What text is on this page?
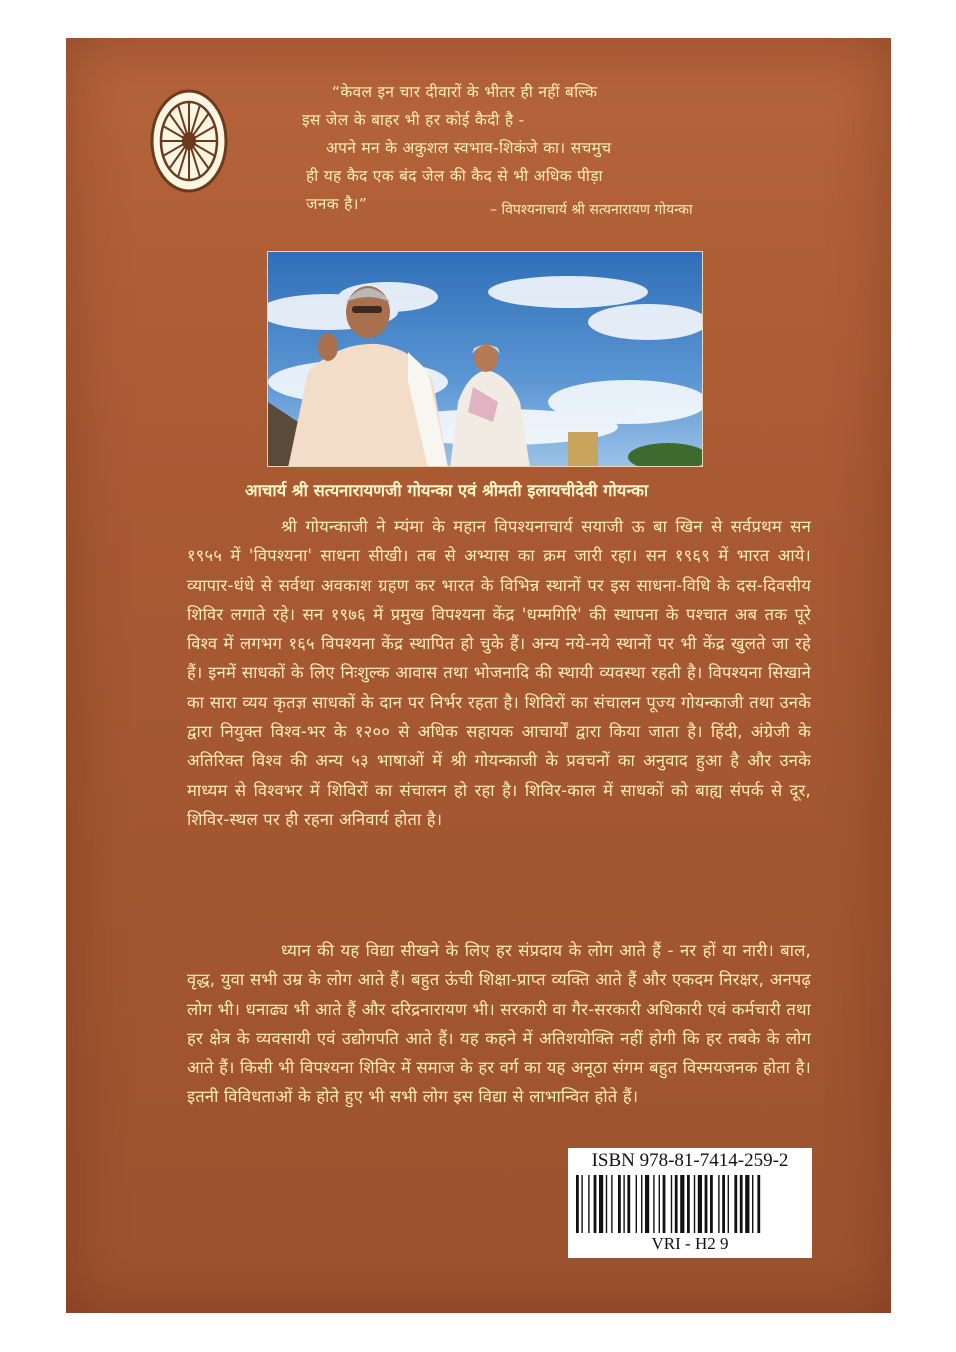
“केवल इन चार दीवारों के भीतर ही नहीं बल्कि
इस जेल के बाहर भी हर कोई कैदी है -
अपने मन के अकुशल स्वभाव-शिकंजे का। सचमुच
ही यह कैद एक बंद जेल की कैद से भी अधिक पीड़ा
जनक है।”	– विपश्यनाचार्य श्री सत्यनारायण गोयन्का
आचार्य श्री सत्यनारायणजी गोयन्का एवं श्रीमती इलायचीदेवी गोयन्का
श्री गोयन्काजी ने म्यंमा के महान विपश्यनाचार्य सयाजी ऊ बा खिन से सर्वप्रथम सन १९५५ में 'विपश्यना' साधना सीखी। तब से अभ्यास का क्रम जारी रहा। सन १९६९ में भारत आये। व्यापार-धंधे से सर्वथा अवकाश ग्रहण कर भारत के विभिन्न स्थानों पर इस साधना-विधि के दस-दिवसीय शिविर लगाते रहे। सन १९७६ में प्रमुख विपश्यना केंद्र 'धम्मगिरि' की स्थापना के पश्चात अब तक पूरे विश्व में लगभग १६५ विपश्यना केंद्र स्थापित हो चुके हैं। अन्य नये-नये स्थानों पर भी केंद्र खुलते जा रहे हैं। इनमें साधकों के लिए निःशुल्क आवास तथा भोजनादि की स्थायी व्यवस्था रहती है। विपश्यना सिखाने का सारा व्यय कृतज्ञ साधकों के दान पर निर्भर रहता है। शिविरों का संचालन पूज्य गोयन्काजी तथा उनके द्वारा नियुक्त विश्व-भर के १२०० से अधिक सहायक आचार्यों द्वारा किया जाता है। हिंदी, अंग्रेजी के अतिरिक्त विश्व की अन्य ५३ भाषाओं में श्री गोयन्काजी के प्रवचनों का अनुवाद हुआ है और उनके माध्यम से विश्वभर में शिविरों का संचालन हो रहा है। शिविर-काल में साधकों को बाह्य संपर्क से दूर, शिविर-स्थल पर ही रहना अनिवार्य होता है।
ध्यान की यह विद्या सीखने के लिए हर संप्रदाय के लोग आते हैं - नर हों या नारी। बाल, वृद्ध, युवा सभी उम्र के लोग आते हैं। बहुत ऊंची शिक्षा-प्राप्त व्यक्ति आते हैं और एकदम निरक्षर, अनपढ़ लोग भी। धनाढ्य भी आते हैं और दरिद्रनारायण भी। सरकारी वा गैर-सरकारी अधिकारी एवं कर्मचारी तथा हर क्षेत्र के व्यवसायी एवं उद्योगपति आते हैं। यह कहने में अतिशयोक्ति नहीं होगी कि हर तबके के लोग आते हैं। किसी भी विपश्यना शिविर में समाज के हर वर्ग का यह अनूठा संगम बहुत विस्मयजनक होता है। इतनी विविधताओं के होते हुए भी सभी लोग इस विद्या से लाभान्वित होते हैं।
ISBN 978-81-7414-259-2
VRI - H2 9
